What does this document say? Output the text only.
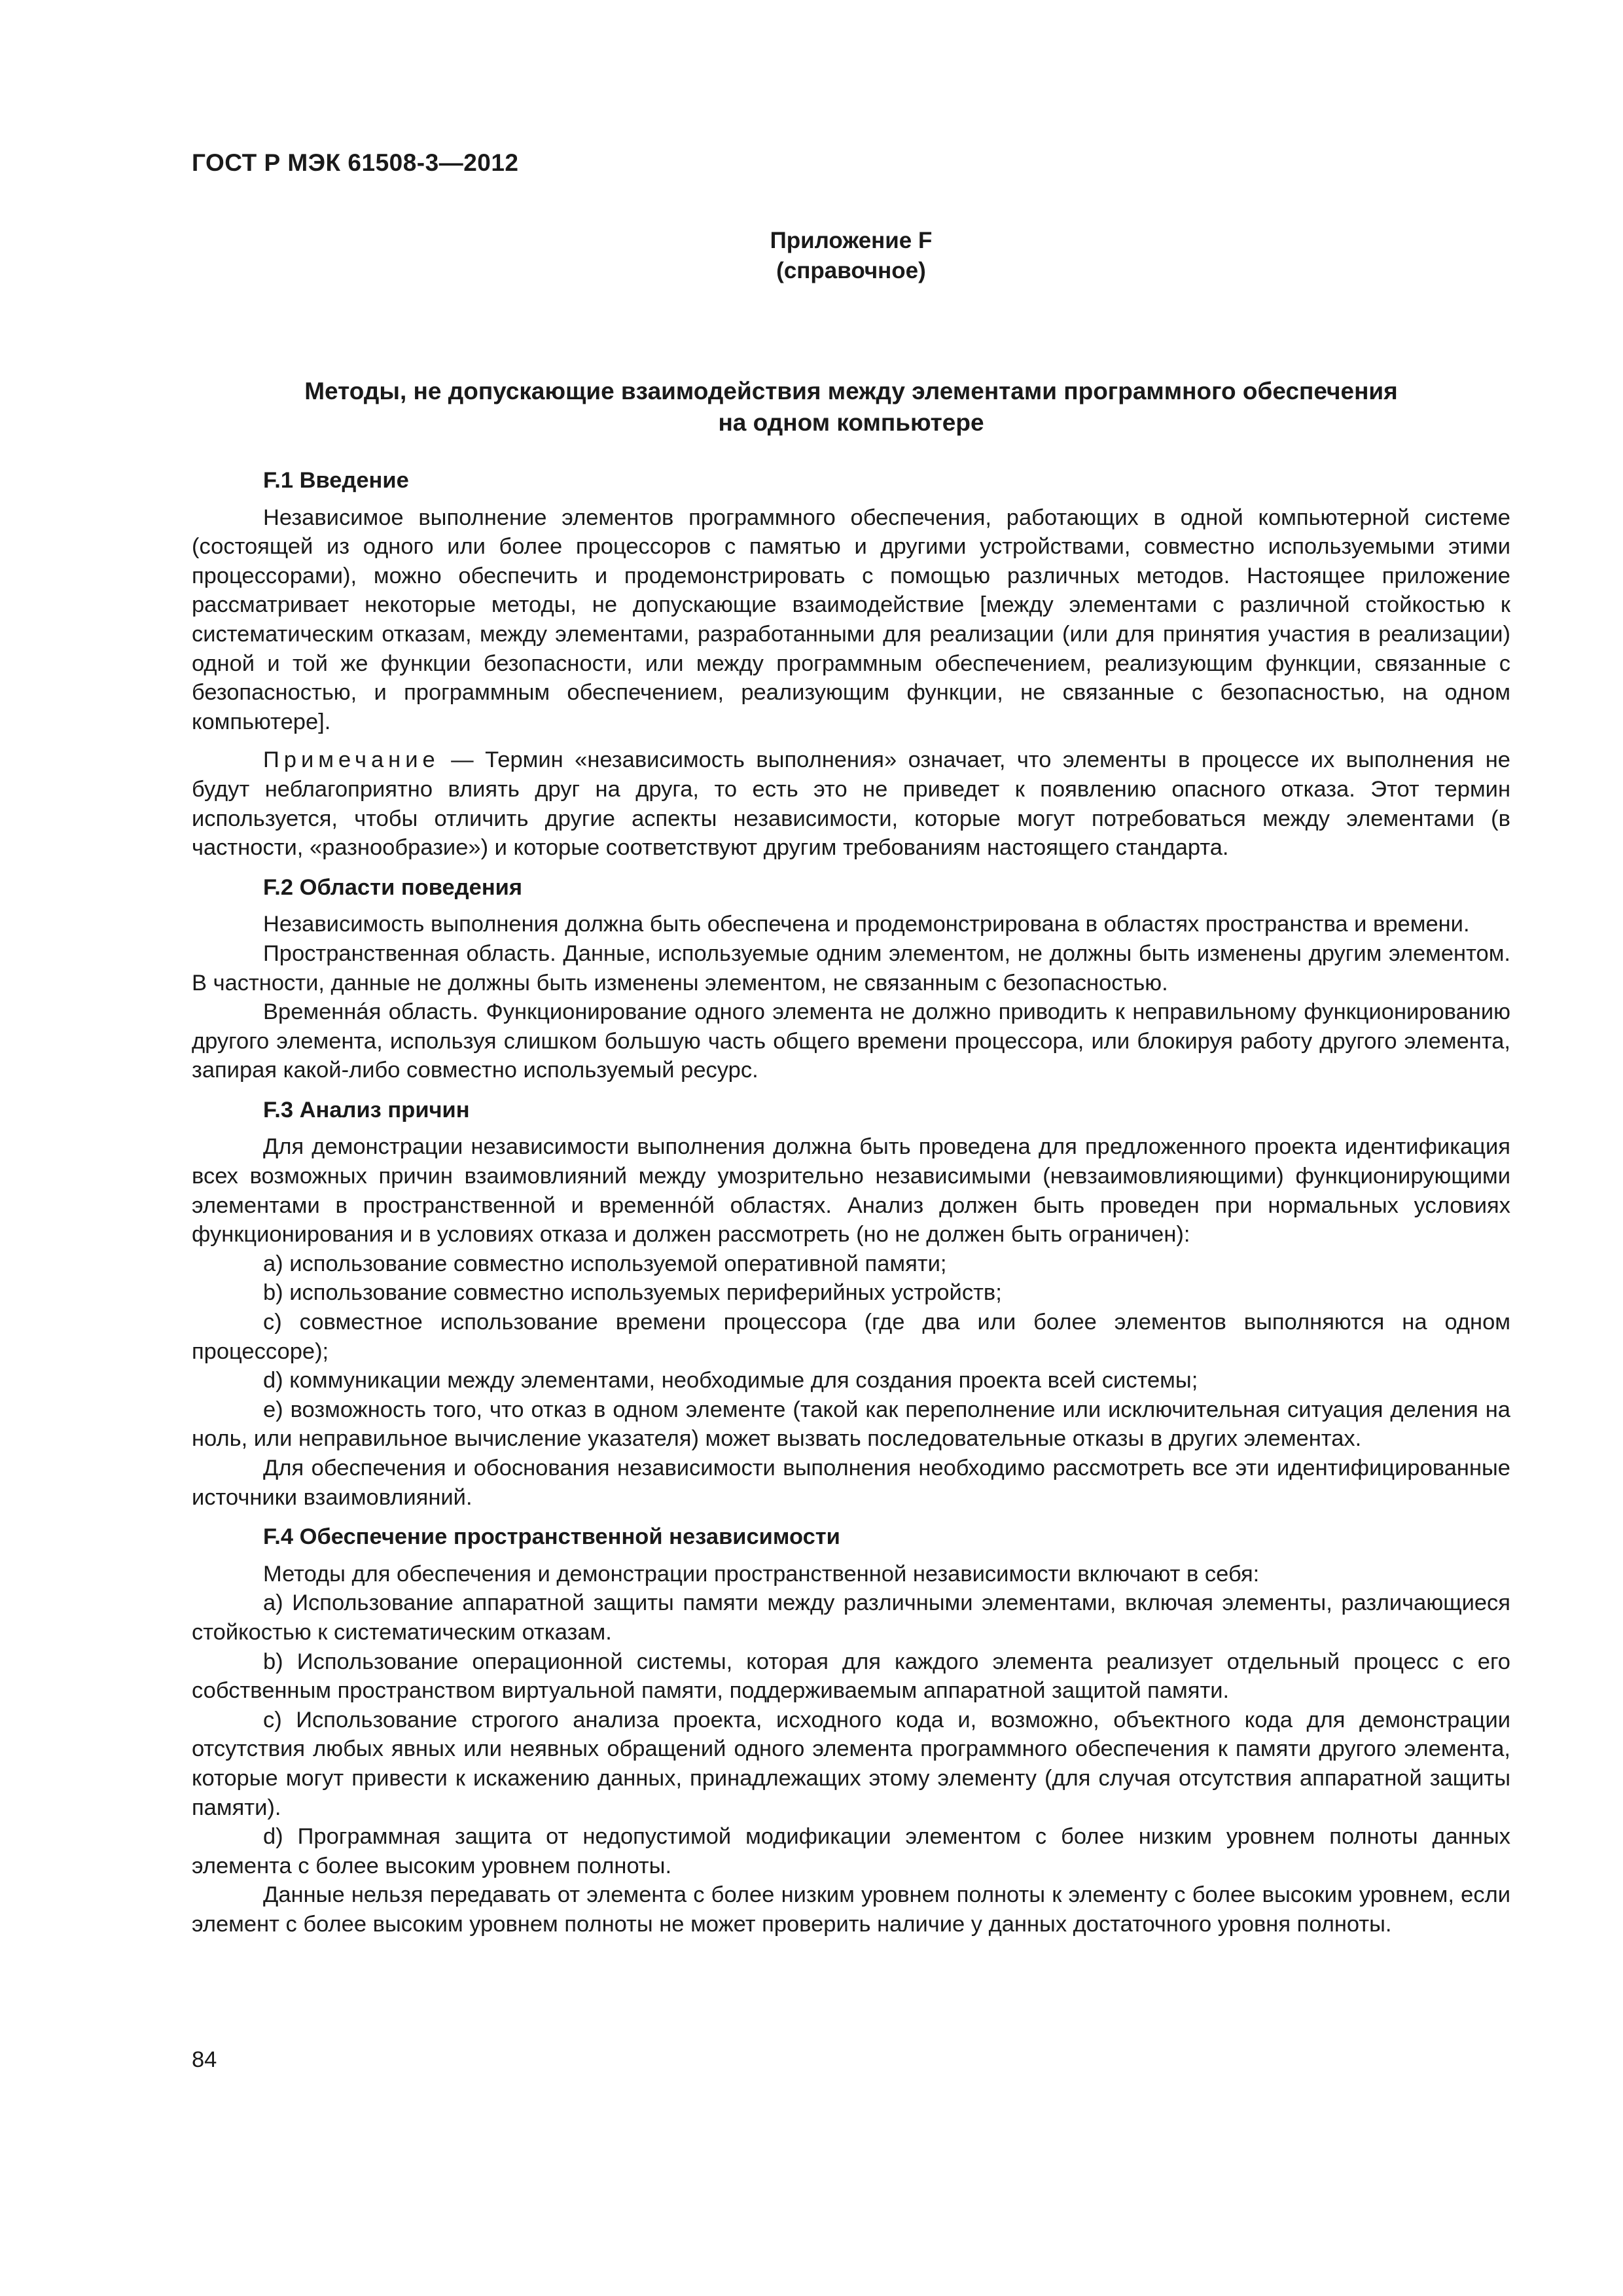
ГОСТ Р МЭК 61508-3—2012
Приложение F
(справочное)
Методы, не допускающие взаимодействия между элементами программного обеспечения
на одном компьютере
F.1 Введение

Независимое выполнение элементов программного обеспечения, работающих в одной компьютерной системе (состоящей из одного или более процессоров с памятью и другими устройствами, совместно используемыми этими процессорами), можно обеспечить и продемонстрировать с помощью различных методов. Настоящее приложение рассматривает некоторые методы, не допускающие взаимодействие [между элементами с различной стойкостью к систематическим отказам, между элементами, разработанными для реализации (или для принятия участия в реализации) одной и той же функции безопасности, или между программным обеспечением, реализующим функции, связанные с безопасностью, и программным обеспечением, реализующим функции, не связанные с безопасностью, на одном компьютере].

Примечание — Термин «независимость выполнения» означает, что элементы в процессе их выполнения не будут неблагоприятно влиять друг на друга, то есть это не приведет к появлению опасного отказа. Этот термин используется, чтобы отличить другие аспекты независимости, которые могут потребоваться между элементами (в частности, «разнообразие») и которые соответствуют другим требованиям настоящего стандарта.

F.2 Области поведения

Независимость выполнения должна быть обеспечена и продемонстрирована в областях пространства и времени.

Пространственная область. Данные, используемые одним элементом, не должны быть изменены другим элементом. В частности, данные не должны быть изменены элементом, не связанным с безопасностью.

Временнáя область. Функционирование одного элемента не должно приводить к неправильному функционированию другого элемента, используя слишком большую часть общего времени процессора, или блокируя работу другого элемента, запирая какой-либо совместно используемый ресурс.

F.3 Анализ причин

Для демонстрации независимости выполнения должна быть проведена для предложенного проекта идентификация всех возможных причин взаимовлияний между умозрительно независимыми (невзаимовлияющими) функционирующими элементами в пространственной и временнóй областях. Анализ должен быть проведен при нормальных условиях функционирования и в условиях отказа и должен рассмотреть (но не должен быть ограничен):

a) использование совместно используемой оперативной памяти;

b) использование совместно используемых периферийных устройств;

c) совместное использование времени процессора (где два или более элементов выполняются на одном процессоре);

d) коммуникации между элементами, необходимые для создания проекта всей системы;

e) возможность того, что отказ в одном элементе (такой как переполнение или исключительная ситуация деления на ноль, или неправильное вычисление указателя) может вызвать последовательные отказы в других элементах.

Для обеспечения и обоснования независимости выполнения необходимо рассмотреть все эти идентифицированные источники взаимовлияний.

F.4 Обеспечение пространственной независимости

Методы для обеспечения и демонстрации пространственной независимости включают в себя:

a) Использование аппаратной защиты памяти между различными элементами, включая элементы, различающиеся стойкостью к систематическим отказам.

b) Использование операционной системы, которая для каждого элемента реализует отдельный процесс с его собственным пространством виртуальной памяти, поддерживаемым аппаратной защитой памяти.

c) Использование строгого анализа проекта, исходного кода и, возможно, объектного кода для демонстрации отсутствия любых явных или неявных обращений одного элемента программного обеспечения к памяти другого элемента, которые могут привести к искажению данных, принадлежащих этому элементу (для случая отсутствия аппаратной защиты памяти).

d) Программная защита от недопустимой модификации элементом с более низким уровнем полноты данных элемента с более высоким уровнем полноты.

Данные нельзя передавать от элемента с более низким уровнем полноты к элементу с более высоким уровнем, если элемент с более высоким уровнем полноты не может проверить наличие у данных достаточного уровня полноты.

84
